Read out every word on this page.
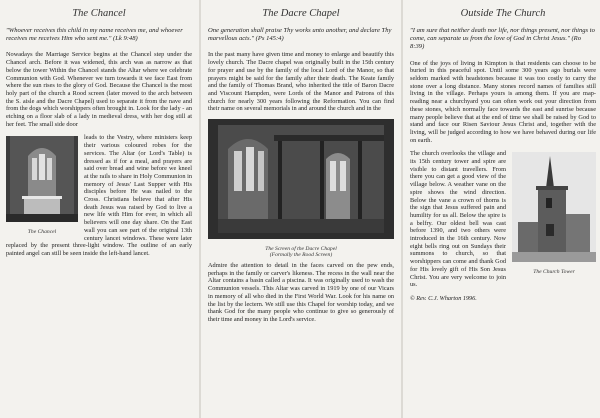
The Chancel

"Whoever receives this child in my name receives me, and whoever receives me receives Him who sent me." (Lk 9:48)

Nowadays the Marriage Service begins at the Chancel step under the Chancel arch. Before it was widened, this arch was as narrow as that below the tower Within the Chancel stands the Altar where we celebrate Communion with God. Whenever we turn towards it we face East from where the sun rises to the glory of God. Because the Chancel is the most holy part of the church a Rood screen (later moved to the arch between the S. aisle and the Dacre Chapel) used to separate it from the nave and from the dogs which worshippers often brought in. Look for the lady - an etching on a floor slab of a lady in medieval dress, with her dog still at her feet. The small side door

The Chancel

leads to the Vestry, where ministers keep their various coloured robes for the services. The Altar (or Lord's Table) is dressed as if for a meal, and prayers are said over bread and wine before we kneel at the rails to share in Holy Communion in memory of Jesus' Last Supper with His disciples before He was nailed to the Cross. Christians believe that after His death Jesus was raised by God to live a new life with Him for ever, in which all believers will one day share. On the East wall you can see part of the original 13th century lancet windows. These were later replaced by the present three-light window. The outline of an early painted angel can still be seen inside the left-hand lancet.

The Dacre Chapel

One generation shall praise Thy works unto another, and declare Thy marvellous acts." (Ps 145:4)

In the past many have given time and money to enlarge and beautify this lovely church. The Dacre chapel was originally built in the 15th century for prayer and use by the family of the local Lord of the Manor, so that prayers might be said for the family after their death. The Keate family and the family of Thomas Brand, who inherited the title of Baron Dacre and Viscount Hampden, were Lords of the Manor and Patrons of this church for nearly 300 years following the Reformation. You can find their name on several memorials in and around the church and in the

The Screen of the Dacre Chapel
(Formally the Rood Screen)

Admire the attention to detail in the faces carved on the pew ends, perhaps in the family or carver's likeness. The recess in the wall near the Altar contains a basin called a piscina. It was originally used to wash the Communion vessels. This Altar was carved in 1919 by one of our Vicars in memory of all who died in the First World War. Look for his name on the list by the lectern. We still use this Chapel for worship today, and we thank God for the many people who continue to give so generously of their time and money in the Lord's service.

Outside The Church

"I am sure that neither death nor life, nor things present, nor things to come, can separate us from the love of God in Christ Jesus." (Ro 8:39)

One of the joys of living in Kimpton is that residents can choose to be buried in this peaceful spot. Until some 300 years ago burials were seldom marked with headstones because it was too costly to carry the stone over a long distance. Many stones record names of families still living in the village. Perhaps yours is among them. If you are map-reading near a churchyard you can often work out your direction from these stones, which normally face towards the east and sunrise because many people believe that at the end of time we shall be raised by God to stand and face our Risen Saviour Jesus Christ and, together with the living, will be judged according to how we have behaved during our life on earth.

The Church Tower

The church overlooks the village and its 15th century tower and spire are visible to distant travellers. From there you can get a good view of the village below. A weather vane on the spire shows the wind direction. Below the vane a crown of thorns is the sign that Jesus suffered pain and humility for us all. Below the spire is a belfry. Our oldest bell was cast before 1390, and two others were introduced in the 16th century. Now eight bells ring out on Sundays their summons to church, so that worshippers can come and thank God for His lovely gift of His Son Jesus Christ. You are very welcome to join us.

© Rev. C.J. Wharton 1996.
